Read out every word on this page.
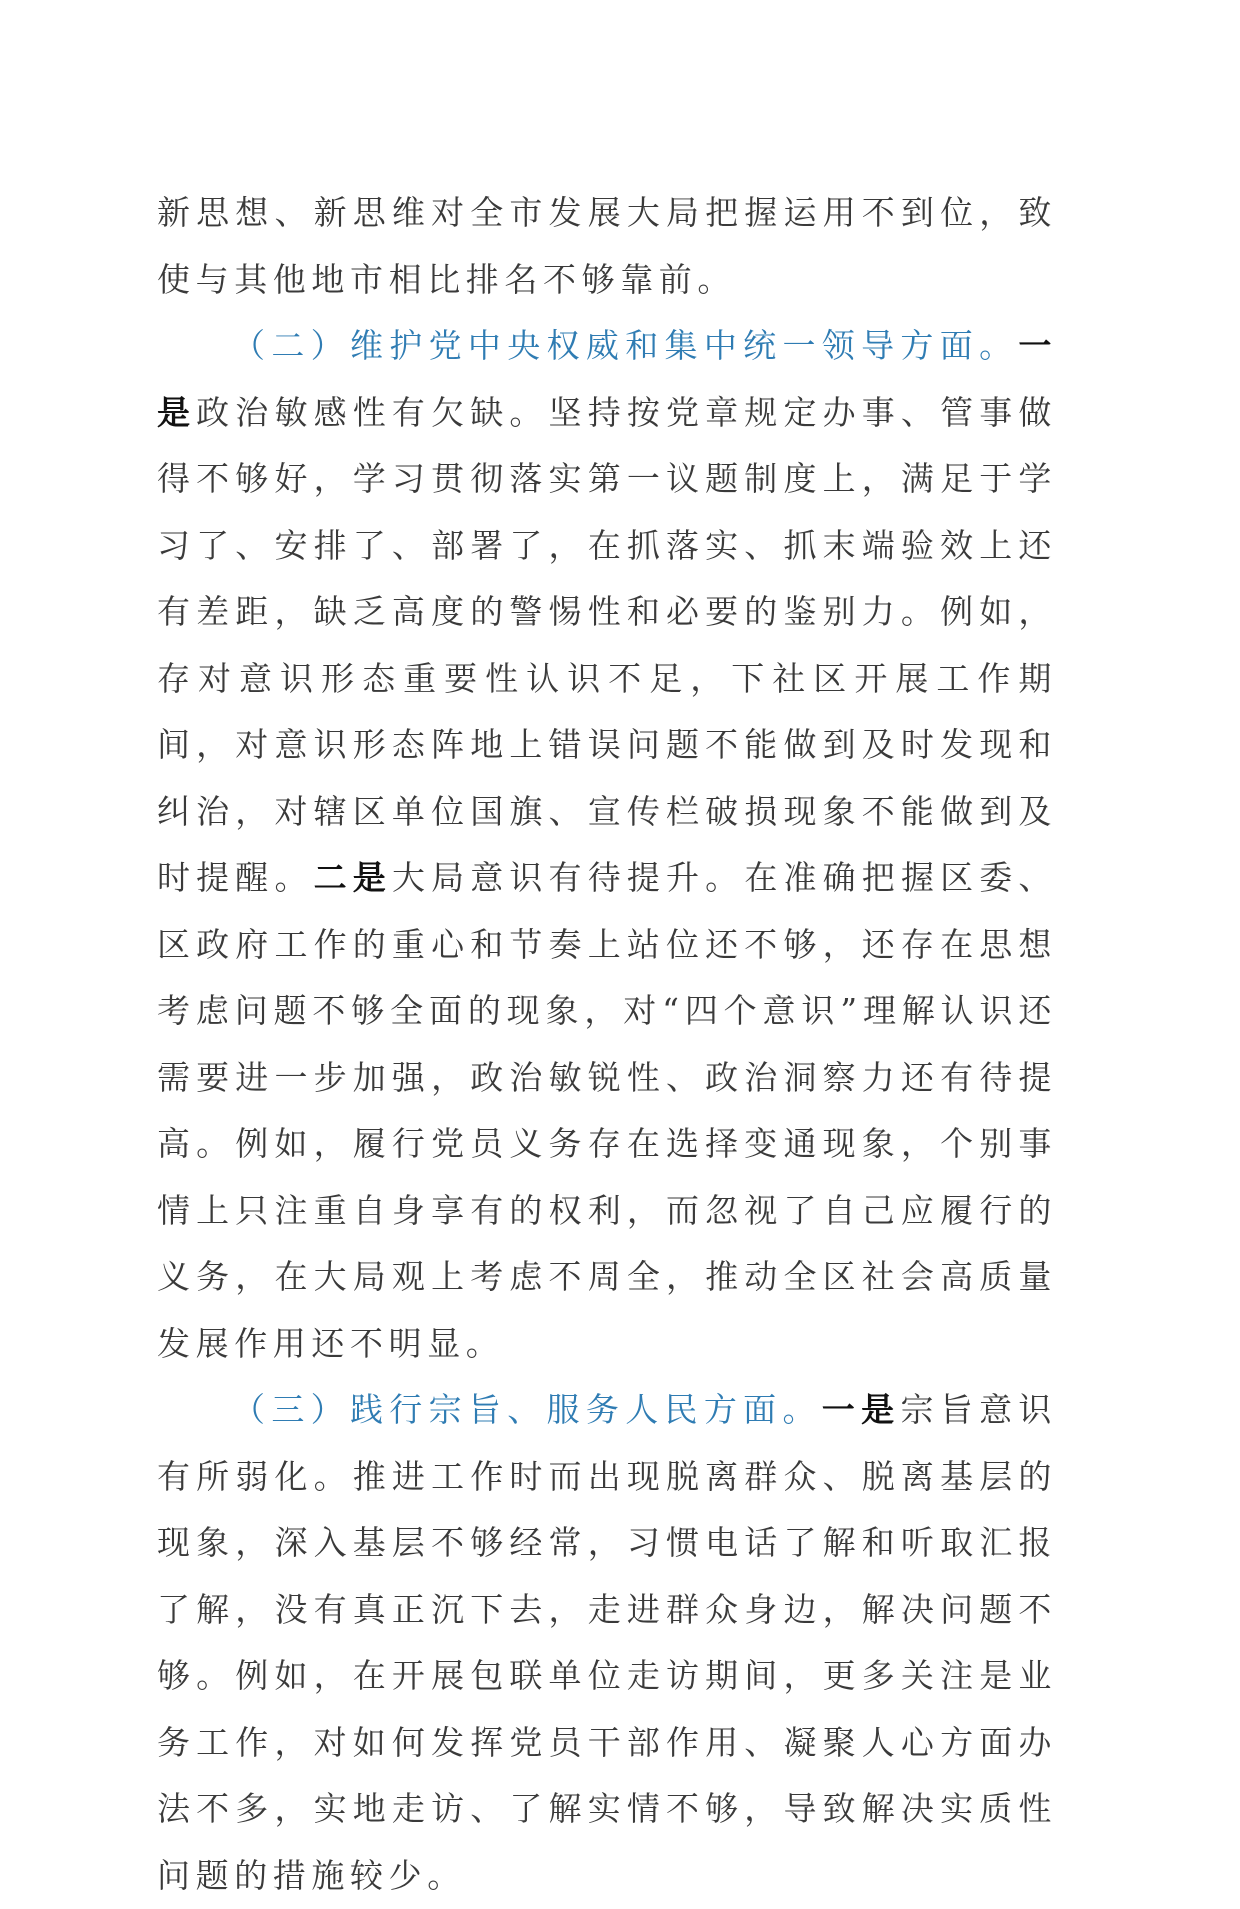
新思想、新思维对全市发展大局把握运用不到位，致使与其他地市相比排名不够靠前。

（二）维护党中央权威和集中统一领导方面。一是政治敏感性有欠缺。坚持按党章规定办事、管事做得不够好，学习贯彻落实第一议题制度上，满足于学习了、安排了、部署了，在抓落实、抓末端验效上还有差距，缺乏高度的警惕性和必要的鉴别力。例如，存对意识形态重要性认识不足，下社区开展工作期间，对意识形态阵地上错误问题不能做到及时发现和纠治，对辖区单位国旗、宣传栏破损现象不能做到及时提醒。二是大局意识有待提升。在准确把握区委、区政府工作的重心和节奏上站位还不够，还存在思想考虑问题不够全面的现象，对“四个意识”理解认识还需要进一步加强，政治敏锐性、政治洞察力还有待提高。例如，履行党员义务存在选择变通现象，个别事情上只注重自身享有的权利，而忽视了自己应履行的义务，在大局观上考虑不周全，推动全区社会高质量发展作用还不明显。

（三）践行宗旨、服务人民方面。一是宗旨意识有所弱化。推进工作时而出现脱离群众、脱离基层的现象，深入基层不够经常，习惯电话了解和听取汇报了解，没有真正沉下去，走进群众身边，解决问题不够。例如，在开展包联单位走访期间，更多关注是业务工作，对如何发挥党员干部作用、凝聚人心方面办法不多，实地走访、了解实情不够，导致解决实质性问题的措施较少。
